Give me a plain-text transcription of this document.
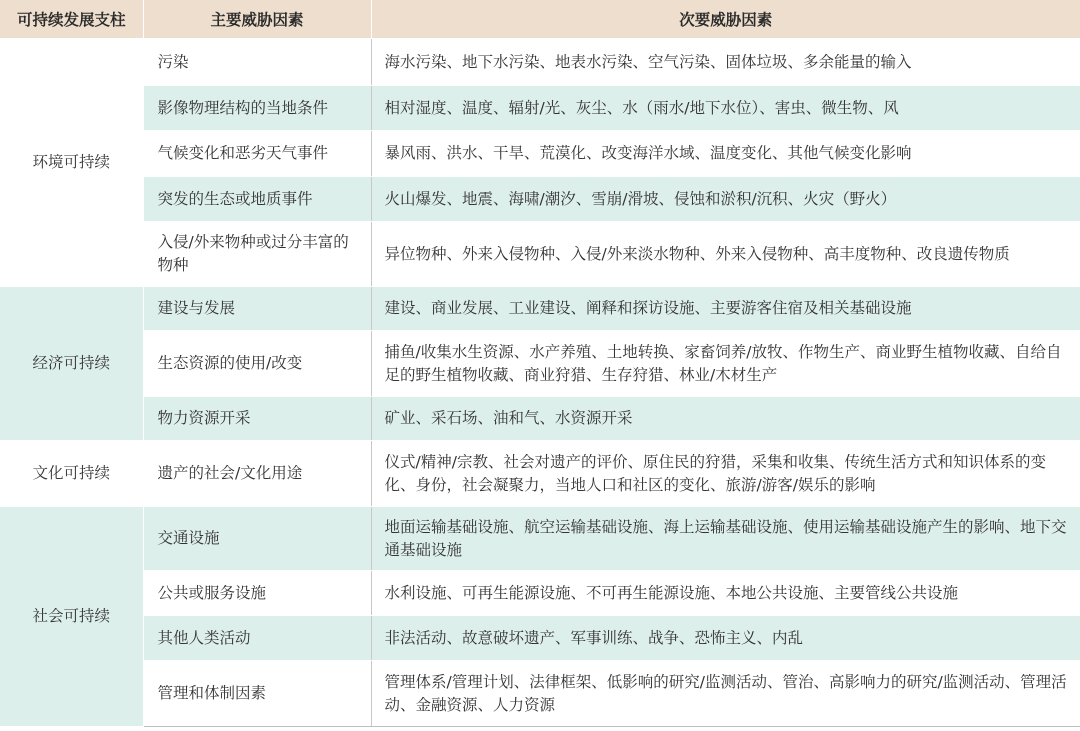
可持续发展支柱	主要威胁因素	次要威胁因素
环境可持续	污染	海水污染、地下水污染、地表水污染、空气污染、固体垃圾、多余能量的输入
	影像物理结构的当地条件	相对湿度、温度、辐射/光、灰尘、水（雨水/地下水位）、害虫、微生物、风
	气候变化和恶劣天气事件	暴风雨、洪水、干旱、荒漠化、改变海洋水域、温度变化、其他气候变化影响
	突发的生态或地质事件	火山爆发、地震、海啸/潮汐、雪崩/滑坡、侵蚀和淤积/沉积、火灾（野火）
	入侵/外来物种或过分丰富的物种	异位物种、外来入侵物种、入侵/外来淡水物种、外来入侵物种、高丰度物种、改良遗传物质
经济可持续	建设与发展	建设、商业发展、工业建设、阐释和探访设施、主要游客住宿及相关基础设施
	生态资源的使用/改变	捕鱼/收集水生资源、水产养殖、土地转换、家畜饲养/放牧、作物生产、商业野生植物收藏、自给自足的野生植物收藏、商业狩猎、生存狩猎、林业/木材生产
	物力资源开采	矿业、采石场、油和气、水资源开采
文化可持续	遗产的社会/文化用途	仪式/精神/宗教、社会对遗产的评价、原住民的狩猎，采集和收集、传统生活方式和知识体系的变化、身份，社会凝聚力，当地人口和社区的变化、旅游/游客/娱乐的影响
社会可持续	交通设施	地面运输基础设施、航空运输基础设施、海上运输基础设施、使用运输基础设施产生的影响、地下交通基础设施
	公共或服务设施	水利设施、可再生能源设施、不可再生能源设施、本地公共设施、主要管线公共设施
	其他人类活动	非法活动、故意破坏遗产、军事训练、战争、恐怖主义、内乱
	管理和体制因素	管理体系/管理计划、法律框架、低影响的研究/监测活动、管治、高影响力的研究/监测活动、管理活动、金融资源、人力资源
